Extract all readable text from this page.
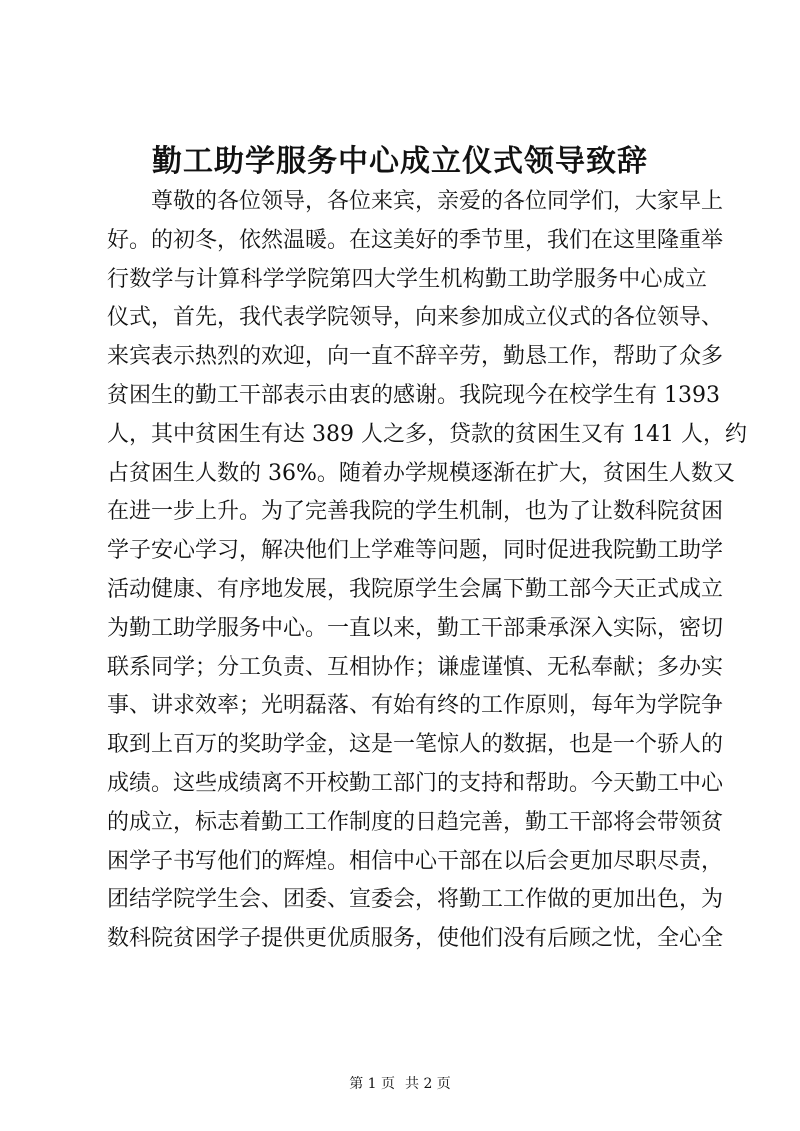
勤工助学服务中心成立仪式领导致辞
尊敬的各位领导，各位来宾，亲爱的各位同学们，大家早上
好。的初冬，依然温暖。在这美好的季节里，我们在这里隆重举
行数学与计算科学学院第四大学生机构勤工助学服务中心成立
仪式，首先，我代表学院领导，向来参加成立仪式的各位领导、
来宾表示热烈的欢迎，向一直不辞辛劳，勤恳工作，帮助了众多
贫困生的勤工干部表示由衷的感谢。我院现今在校学生有 1393
人，其中贫困生有达 389 人之多，贷款的贫困生又有 141 人，约
占贫困生人数的 36%。随着办学规模逐渐在扩大，贫困生人数又
在进一步上升。为了完善我院的学生机制，也为了让数科院贫困
学子安心学习，解决他们上学难等问题，同时促进我院勤工助学
活动健康、有序地发展，我院原学生会属下勤工部今天正式成立
为勤工助学服务中心。一直以来，勤工干部秉承深入实际，密切
联系同学；分工负责、互相协作；谦虚谨慎、无私奉献；多办实
事、讲求效率；光明磊落、有始有终的工作原则，每年为学院争
取到上百万的奖助学金，这是一笔惊人的数据，也是一个骄人的
成绩。这些成绩离不开校勤工部门的支持和帮助。今天勤工中心
的成立，标志着勤工工作制度的日趋完善，勤工干部将会带领贫
困学子书写他们的辉煌。相信中心干部在以后会更加尽职尽责，
团结学院学生会、团委、宣委会，将勤工工作做的更加出色，为
数科院贫困学子提供更优质服务，使他们没有后顾之忧，全心全
第 1 页 共 2 页
